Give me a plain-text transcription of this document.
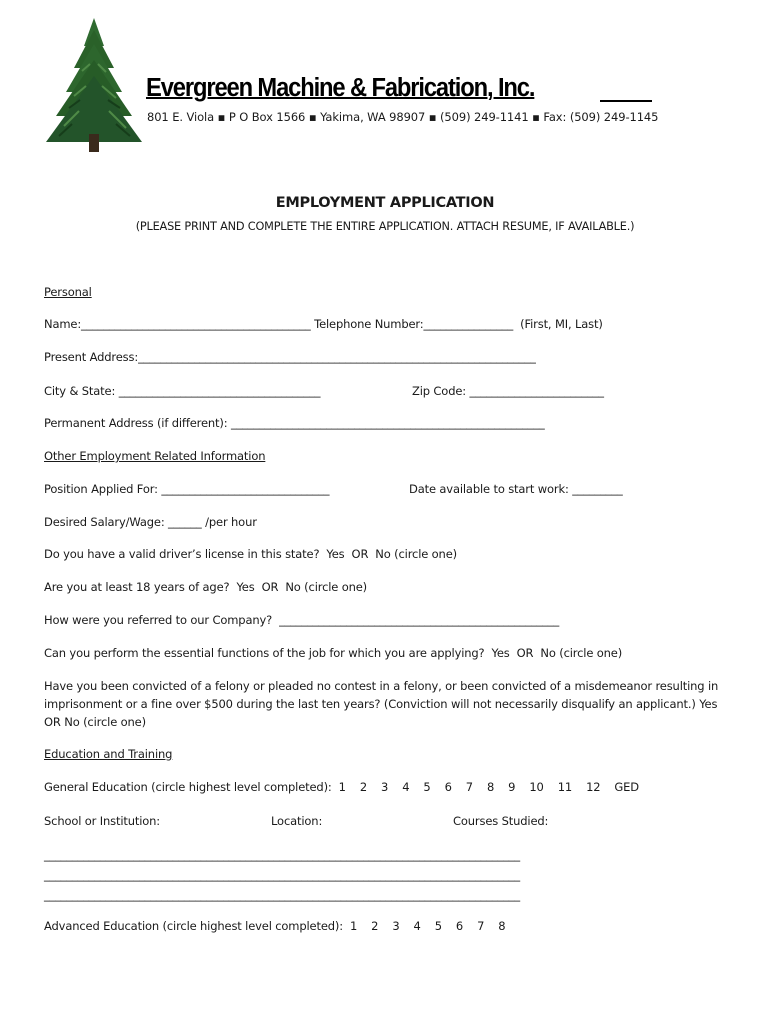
Evergreen Machine & Fabrication, Inc.
801 E. Viola ▪ P O Box 1566 ▪ Yakima, WA 98907 ▪ (509) 249-1141 ▪ Fax: (509) 249-1145
EMPLOYMENT APPLICATION
(PLEASE PRINT AND COMPLETE THE ENTIRE APPLICATION. ATTACH RESUME, IF AVAILABLE.)
Personal
Name:_________________________________________ Telephone Number:________________  (First, MI, Last)
Present Address:_______________________________________________________________________
City & State: ____________________________________	Zip Code: ________________________
Permanent Address (if different): ________________________________________________________
Other Employment Related Information
Position Applied For: ______________________________	Date available to start work: _________
Desired Salary/Wage: ______ /per hour
Do you have a valid driver’s license in this state?  Yes  OR  No (circle one)
Are you at least 18 years of age?  Yes  OR  No (circle one)
How were you referred to our Company?  __________________________________________________
Can you perform the essential functions of the job for which you are applying?  Yes  OR  No (circle one)
Have you been convicted of a felony or pleaded no contest in a felony, or been convicted of a misdemeanor resulting in imprisonment or a fine over $500 during the last ten years? (Conviction will not necessarily disqualify an applicant.) Yes OR No (circle one)
Education and Training
General Education (circle highest level completed):  1    2    3    4    5    6    7    8    9    10    11    12    GED
School or Institution:	Location:	Courses Studied:
_____________________________________________________________________________________
_____________________________________________________________________________________
_____________________________________________________________________________________
Advanced Education (circle highest level completed):  1    2    3    4    5    6    7    8
